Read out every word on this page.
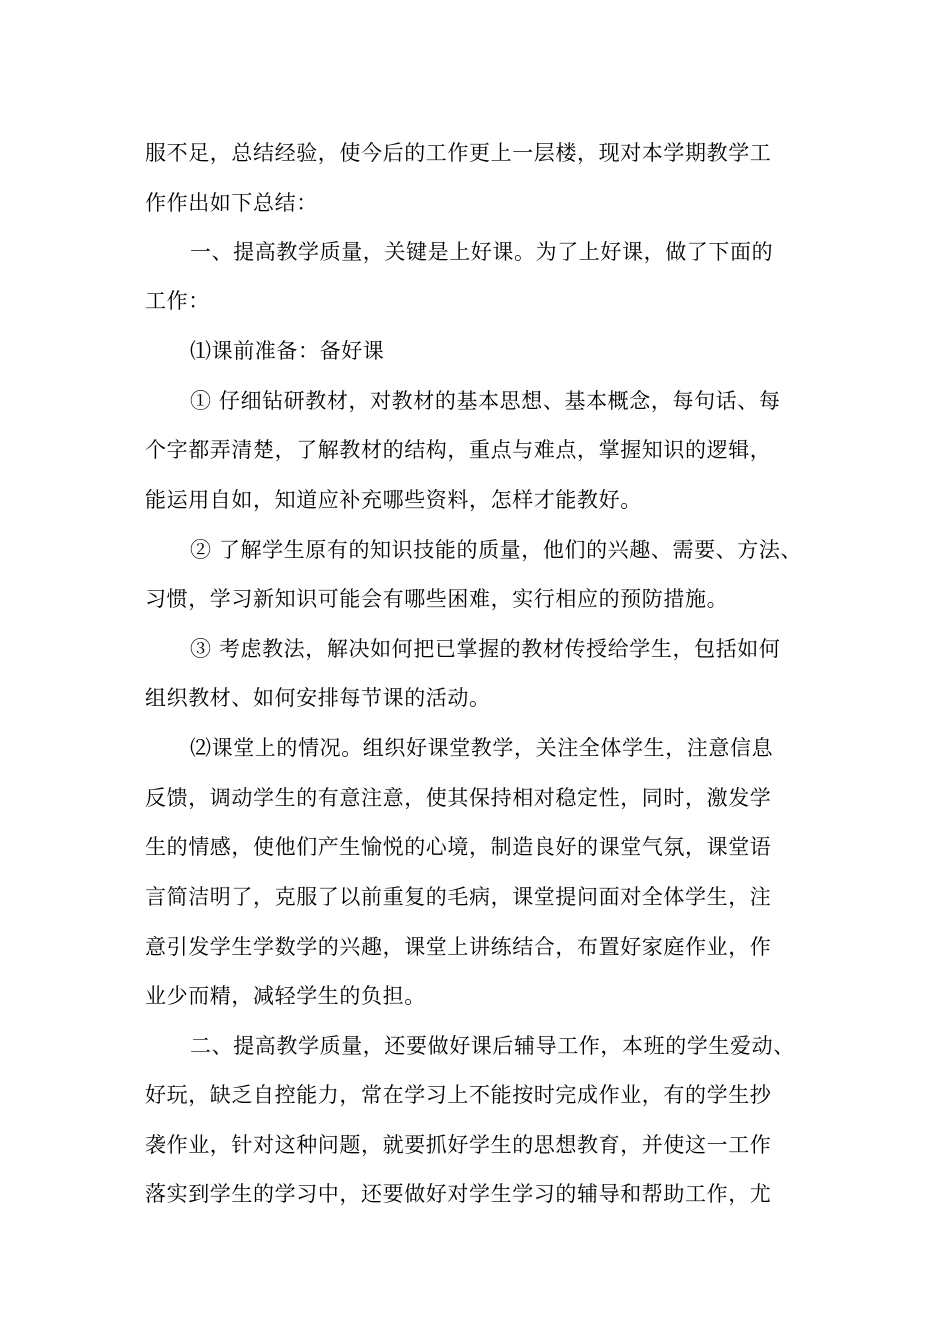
服不足，总结经验，使今后的工作更上一层楼，现对本学期教学工
作作出如下总结：
一、提高教学质量，关键是上好课。为了上好课，做了下面的
工作：
⑴课前准备：备好课
① 仔细钻研教材，对教材的基本思想、基本概念，每句话、每
个字都弄清楚，了解教材的结构，重点与难点，掌握知识的逻辑，
能运用自如，知道应补充哪些资料，怎样才能教好。
② 了解学生原有的知识技能的质量，他们的兴趣、需要、方法、
习惯，学习新知识可能会有哪些困难，实行相应的预防措施。
③ 考虑教法，解决如何把已掌握的教材传授给学生，包括如何
组织教材、如何安排每节课的活动。
⑵课堂上的情况。组织好课堂教学，关注全体学生，注意信息
反馈，调动学生的有意注意，使其保持相对稳定性，同时，激发学
生的情感，使他们产生愉悦的心境，制造良好的课堂气氛，课堂语
言简洁明了，克服了以前重复的毛病，课堂提问面对全体学生，注
意引发学生学数学的兴趣，课堂上讲练结合，布置好家庭作业，作
业少而精，减轻学生的负担。
二、提高教学质量，还要做好课后辅导工作，本班的学生爱动、
好玩，缺乏自控能力，常在学习上不能按时完成作业，有的学生抄
袭作业，针对这种问题，就要抓好学生的思想教育，并使这一工作
落实到学生的学习中，还要做好对学生学习的辅导和帮助工作，尤
